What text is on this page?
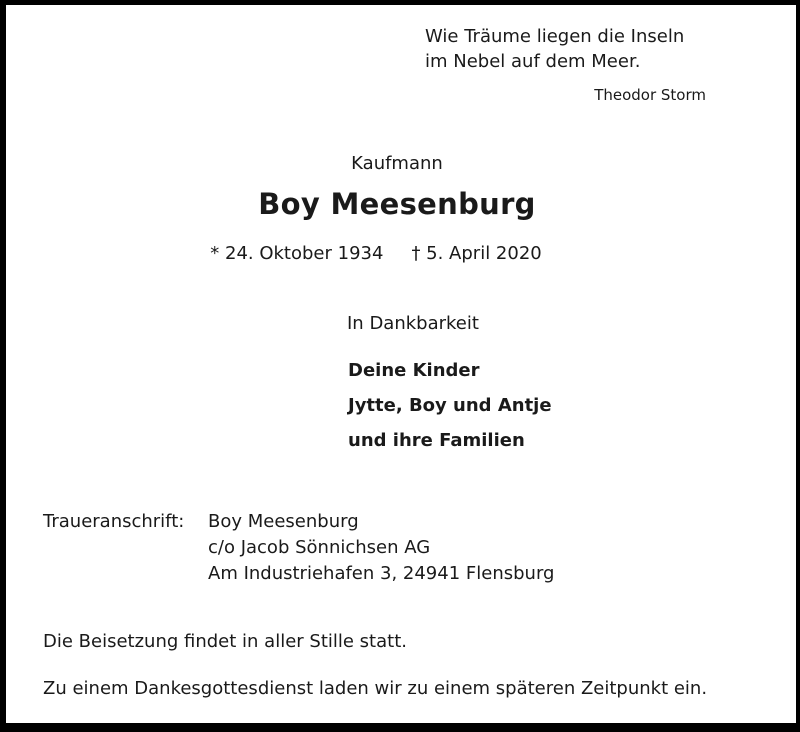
Wie Träume liegen die Inseln
im Nebel auf dem Meer.
Theodor Storm
Kaufmann
Boy Meesenburg
* 24. Oktober 1934 † 5. April 2020
In Dankbarkeit
Deine Kinder
Jytte, Boy und Antje
und ihre Familien
Traueranschrift: Boy Meesenburg
c/o Jacob Sönnichsen AG
Am Industriehafen 3, 24941 Flensburg
Die Beisetzung findet in aller Stille statt.
Zu einem Dankesgottesdienst laden wir zu einem späteren Zeitpunkt ein.
